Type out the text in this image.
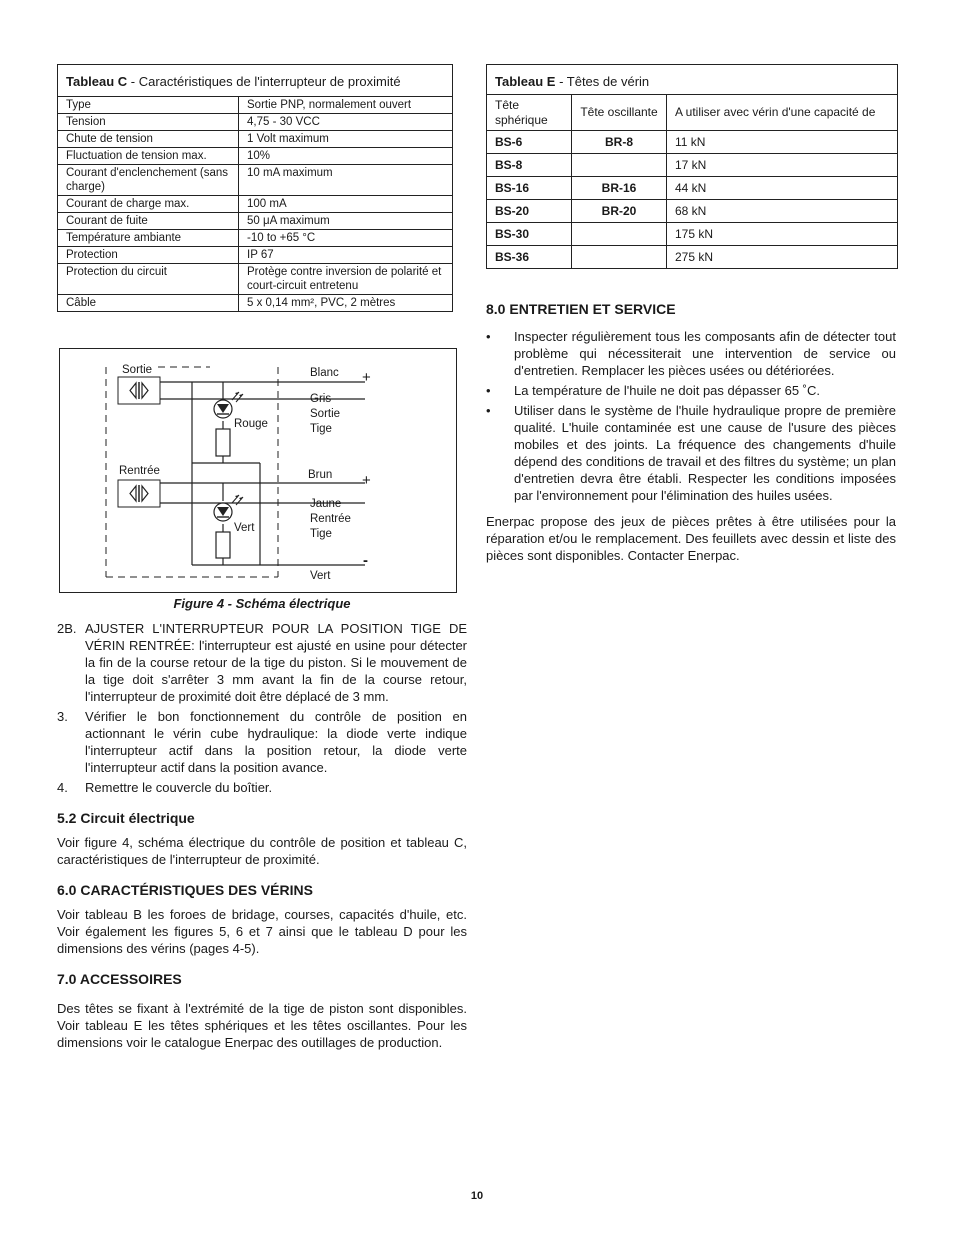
Tableau C - Caractéristiques de l'interrupteur de proximité
Type	Sortie PNP, normalement ouvert
Tension	4,75 - 30 VCC
Chute de tension	1 Volt maximum
Fluctuation de tension max.	10%
Courant d'enclenchement (sans charge)	10 mA maximum
Courant de charge max.	100 mA
Courant de fuite	50 μA maximum
Température ambiante	-10 to +65 °C
Protection	IP 67
Protection du circuit	Protège contre inversion de polarité et court-circuit entretenu
Câble	5 x 0,14 mm², PVC, 2 mètres
Tableau E - Têtes de vérin
Tête sphérique	Tête oscillante	A utiliser avec vérin d'une capacité de
BS-6	BR-8	11 kN
BS-8		17 kN
BS-16	BR-16	44 kN
BS-20	BR-20	68 kN
BS-30		175 kN
BS-36		275 kN
Sortie
Rentrée
Rouge
Vert
Blanc
Gris
Sortie
Tige
Brun
Jaune
Rentrée
Tige
Vert
+
+
-
Figure 4 - Schéma électrique
2B. AJUSTER L'INTERRUPTEUR POUR LA POSITION TIGE DE VÉRIN RENTRÉE: l'interrupteur est ajusté en usine pour détecter la fin de la course retour de la tige du piston. Si le mouvement de la tige doit s'arrêter 3 mm avant la fin de la course retour, l'interrupteur de proximité doit être déplacé de 3 mm.
3.	Vérifier le bon fonctionnement du contrôle de position en actionnant le vérin cube hydraulique: la diode verte indique l'interrupteur actif dans la position retour, la diode verte l'interrupteur actif dans la position avance.
4.	Remettre le couvercle du boîtier.
5.2 Circuit électrique
Voir figure 4, schéma électrique du contrôle de position et tableau C, caractéristiques de l'interrupteur de proximité.
6.0 CARACTÉRISTIQUES DES VÉRINS
Voir tableau B les foroes de bridage, courses, capacités d'huile, etc. Voir également les figures 5, 6 et 7 ainsi que le tableau D pour les dimensions des vérins (pages 4-5).
7.0 ACCESSOIRES
Des têtes se fixant à l'extrémité de la tige de piston sont disponibles. Voir tableau E les têtes sphériques et les têtes oscillantes. Pour les dimensions voir le catalogue Enerpac des outillages de production.
8.0 ENTRETIEN ET SERVICE
•	Inspecter régulièrement tous les composants afin de détecter tout problème qui nécessiterait une intervention de service ou d'entretien. Remplacer les pièces usées ou détériorées.
•	La température de l'huile ne doit pas dépasser 65 ˚C.
•	Utiliser dans le système de l'huile hydraulique propre de première qualité. L'huile contaminée est une cause de l'usure des pièces mobiles et des joints. La fréquence des changements d'huile dépend des conditions de travail et des filtres du système; un plan d'entretien devra être établi. Respecter les conditions imposées par l'environnement pour l'élimination des huiles usées.
Enerpac propose des jeux de pièces prêtes à être utilisées pour la réparation et/ou le remplacement. Des feuillets avec dessin et liste des pièces sont disponibles. Contacter Enerpac.
10
